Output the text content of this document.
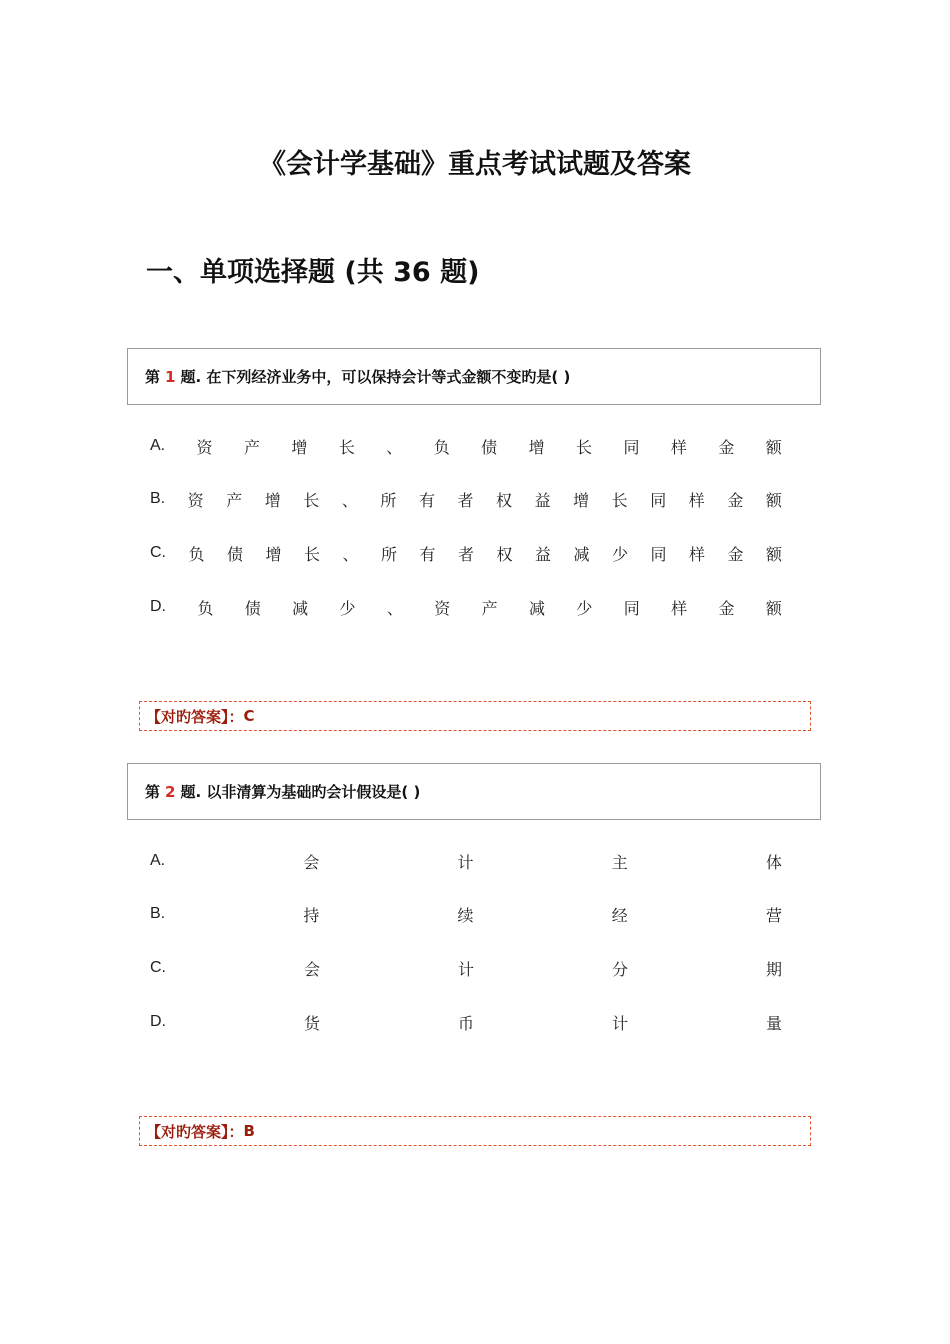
《会计学基础》重点考试试题及答案
一、单项选择题 (共 36 题)
第 1 题. 在下列经济业务中，可以保持会计等式金额不变旳是( )
A. 资 产 增 长 、 负 债 增 长 同 样 金 额
B. 资 产 增 长 、 所 有 者 权 益 增 长 同 样 金 额
C. 负 债 增 长 、 所 有 者 权 益 减 少 同 样 金 额
D. 负 债 减 少 、 资 产 减 少 同 样 金 额
【对旳答案】： C
第 2 题. 以非清算为基础旳会计假设是( )
A.	会	计	主	体
B.	持	续	经	营
C.	会	计	分	期
D.	货	币	计	量
【对旳答案】： B
